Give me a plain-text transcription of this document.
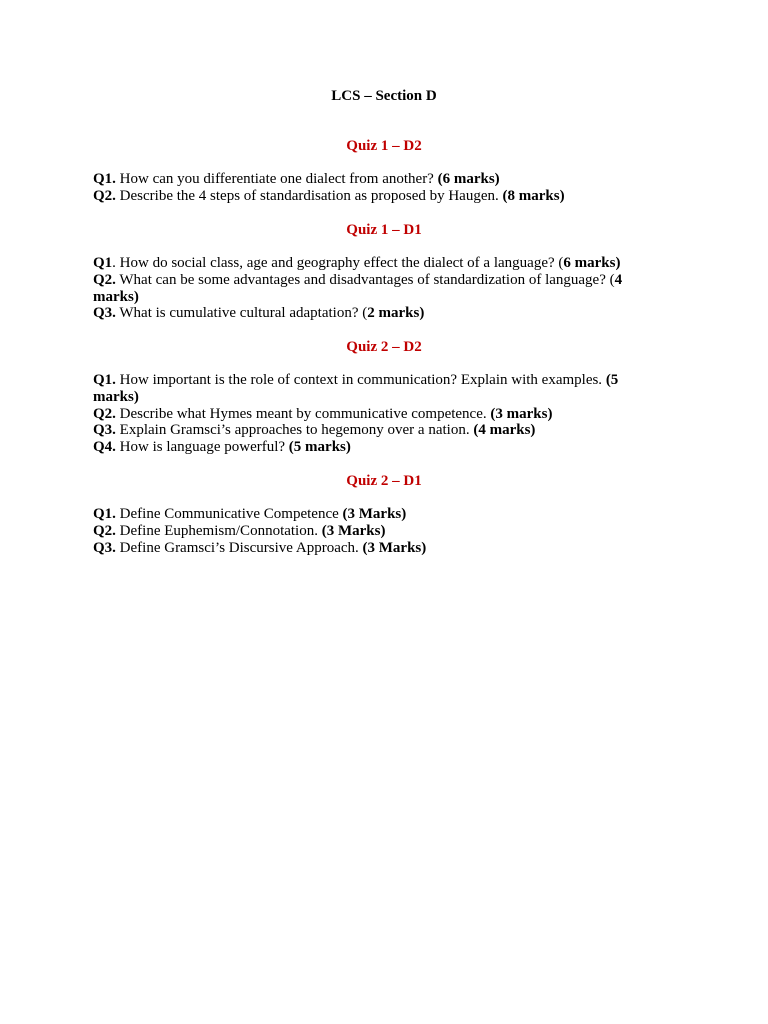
LCS – Section D
Quiz 1 – D2

Q1. How can you differentiate one dialect from another? (6 marks)

Q2. Describe the 4 steps of standardisation as proposed by Haugen. (8 marks)

Quiz 1 – D1

Q1. How do social class, age and geography effect the dialect of a language? (6 marks)

Q2. What can be some advantages and disadvantages of standardization of language? (4 marks)

Q3. What is cumulative cultural adaptation? (2 marks)

Quiz 2 – D2

Q1. How important is the role of context in communication? Explain with examples. (5 marks)

Q2. Describe what Hymes meant by communicative competence. (3 marks)

Q3. Explain Gramsci’s approaches to hegemony over a nation. (4 marks)

Q4. How is language powerful? (5 marks)

Quiz 2 – D1

Q1. Define Communicative Competence (3 Marks)

Q2. Define Euphemism/Connotation. (3 Marks)

Q3. Define Gramsci’s Discursive Approach. (3 Marks)
